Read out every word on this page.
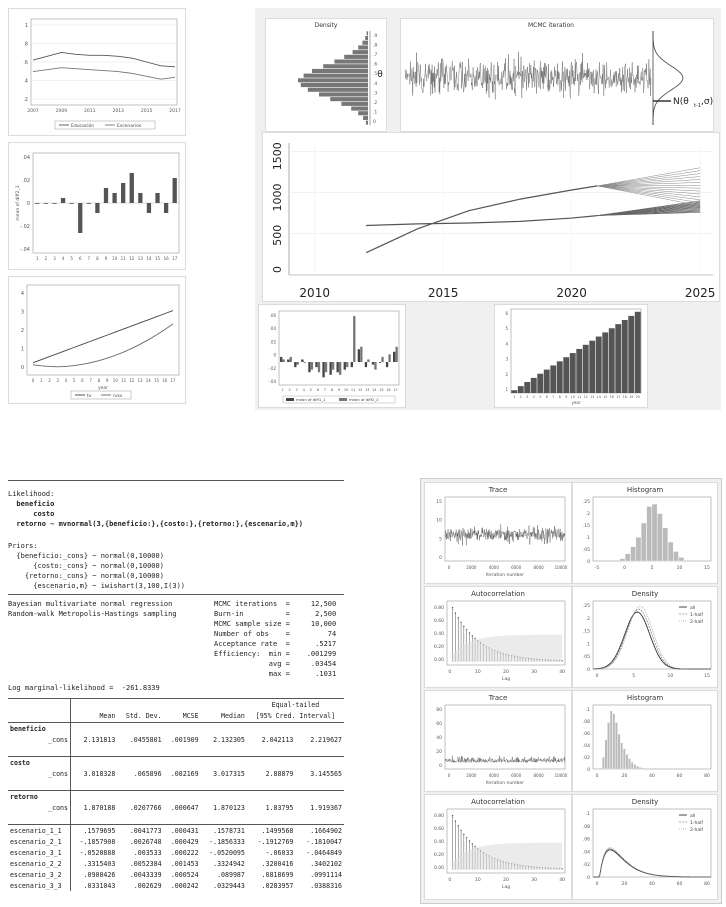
.2
.4
.6
.8
1
2007	2009	2011	2013	2015	2017
Educación	Escenarios
.04
.02
0
-.02
-.04
mean of diff2_1
1 2 3 4 5 6 7 8 9 10 11 12 13 14 15 16 17
0
1
2
3
4
0 1 2 3 4 5 6 7 8 9 10 11 12 13 14 15 16 17
year
tv	rvss
Density
.9
.8
.7
.6
.5
.4
.3
.2
.1
0
θ
MCMC iteration
N(θ t-1 ,σ)
0
500
1000
1500
2010	2015	2020	2025
.06
.04
.02
0
-.02
-.04
1 2 3 4 5 6 7 8 9 10 11 12 13 14 15 16 17
mean of diff1_1	mean of diff2_2
6
5
4
3
2
1
1 2 3 4 5 6 7 8 9 10 11 12 13 14 15 16 17 18 19 20
year
Likelihood:
beneficio
costo
retorno ~ mvnormal(3,{beneficio:},{costo:},{retorno:},{escenario,m})
Priors:
{beneficio:_cons} ~ normal(0,10000)
{costo:_cons} ~ normal(0,10000)
{retorno:_cons} ~ normal(0,10000)
{escenario,m} ~ iwishart(3,100,I(3))
Bayesian multivariate normal regression
Random-walk Metropolis-Hastings sampling
Log marginal-likelihood =  -261.8339
MCMC iterations  =     12,500
Burn-in          =      2,500
MCMC sample size =     10,000
Number of obs    =         74
Acceptance rate  =      .5217
Efficiency:  min =    .001299
avg =     .03454
max =      .1031
					Equal-tailed	
	Mean	Std. Dev.	MCSE	Median	[95% Cred. Interval]	
beneficio						
_cons	2.131813	.0455801	.001909	2.132305	2.042113	2.219627

costo						
_cons	3.018328	.065896	.002169	3.017315	2.88879	3.145565

retorno						
_cons	1.870188	.0207766	.000647	1.870123	1.83795	1.919367

escenario_1_1	.1579695	.0041773	.000431	.1578731	.1499568	.1664902
escenario_2_1	-.1857908	.0026748	.000429	-.1856333	-.1912769	-.1810047
escenario_3_1	-.0520888	.003533	.000222	-.0520095	-.06033	-.0464849
escenario_2_2	.3315403	.0052384	.001453	.3324942	.3200416	.3402102
escenario_3_2	.0900426	.0043339	.000524	.089987	.0818699	.0991114
escenario_3_3	.0331043	.002629	.000242	.0329443	.0283957	.0388316
Trace
15
10
5
0
0	2000	4000	6000	8000	10000
Iteration number
Histogram
.25
.2
.15
.1
.05
0
-5	0	5	10	15
Autocorrelation
0.80
0.60
0.40
0.20
0.00
0	10	20	30	40
Lag
Density
.25
.2
.15
.1
.05
0
0	5	10	15
all
1-half
2-half
Trace
80
60
40
20
0
0	2000	4000	6000	8000	10000
Iteration number
Histogram
.1
.08
.06
.04
.02
0
0	20	40	60	80
Autocorrelation
0.80
0.60
0.40
0.20
0.00
0	10	20	30	40
Lag
Density
.1
.08
.06
.04
.02
0
0	20	40	60	80
all
1-half
2-half
